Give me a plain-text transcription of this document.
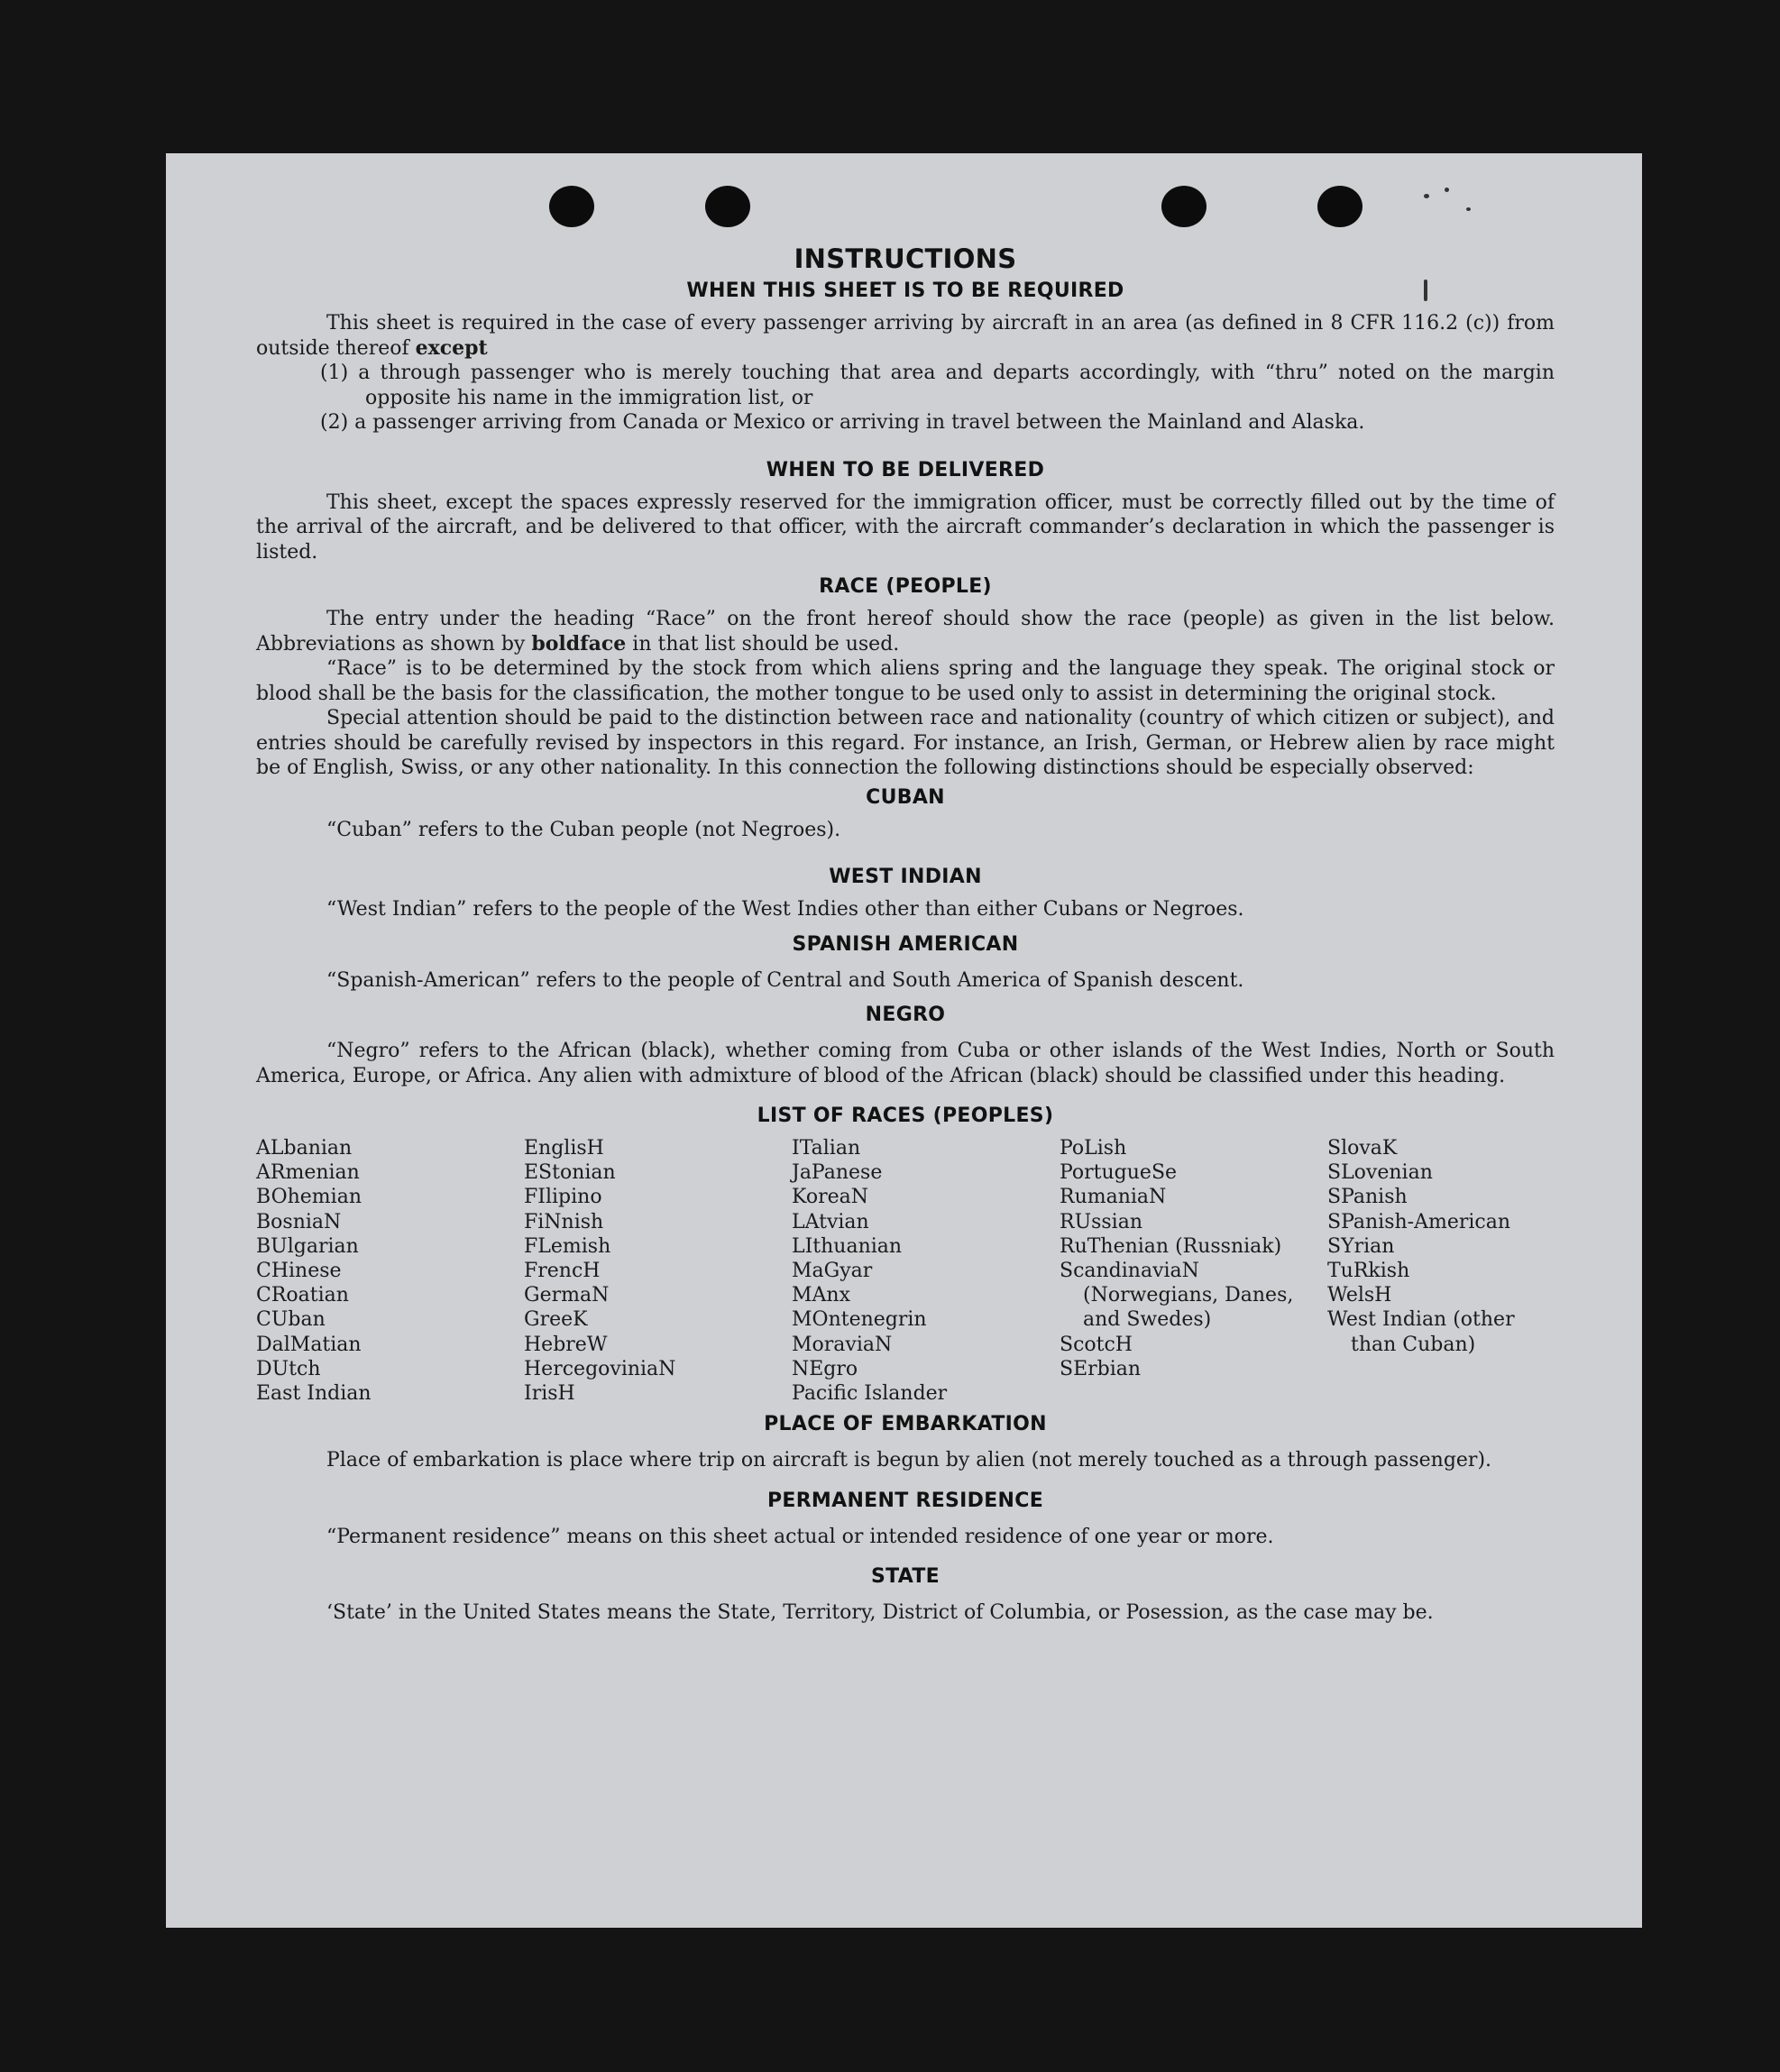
INSTRUCTIONS
WHEN THIS SHEET IS TO BE REQUIRED

This sheet is required in the case of every passenger arriving by aircraft in an area (as defined in 8 CFR 116.2 (c)) from outside thereof except

(1) a through passenger who is merely touching that area and departs accordingly, with “thru” noted on the margin opposite his name in the immigration list, or
(2) a passenger arriving from Canada or Mexico or arriving in travel between the Mainland and Alaska.
WHEN TO BE DELIVERED

This sheet, except the spaces expressly reserved for the immigration officer, must be correctly filled out by the time of the arrival of the aircraft, and be delivered to that officer, with the aircraft commander’s declaration in which the passenger is listed.

RACE (PEOPLE)

The entry under the heading “Race” on the front hereof should show the race (people) as given in the list below. Abbreviations as shown by boldface in that list should be used.

“Race” is to be determined by the stock from which aliens spring and the language they speak. The original stock or blood shall be the basis for the classification, the mother tongue to be used only to assist in determining the original stock.

Special attention should be paid to the distinction between race and nationality (country of which citizen or subject), and entries should be carefully revised by inspectors in this regard. For instance, an Irish, German, or Hebrew alien by race might be of English, Swiss, or any other nationality. In this connection the following distinctions should be especially observed:

CUBAN

“Cuban” refers to the Cuban people (not Negroes).

WEST INDIAN

“West Indian” refers to the people of the West Indies other than either Cubans or Negroes.

SPANISH AMERICAN

“Spanish-American” refers to the people of Central and South America of Spanish descent.

NEGRO

“Negro” refers to the African (black), whether coming from Cuba or other islands of the West Indies, North or South America, Europe, or Africa. Any alien with admixture of blood of the African (black) should be classified under this heading.

LIST OF RACES (PEOPLES)
ALbanian
ARmenian
BOhemian
BosniaN
BUlgarian
CHinese
CRoatian
CUban
DalMatian
DUtch
East Indian
EnglisH
EStonian
FIlipino
FiNnish
FLemish
FrencH
GermaN
GreeK
HebreW
HercegoviniaN
IrisH
ITalian
JaPanese
KoreaN
LAtvian
LIthuanian
MaGyar
MAnx
MOntenegrin
MoraviaN
NEgro
Pacific Islander
PoLish
PortugueSe
RumaniaN
RUssian
RuThenian (Russniak)
ScandinaviaN (Norwegians, Danes, and Swedes)
ScotcH
SErbian
SlovaK
SLovenian
SPanish
SPanish-American
SYrian
TuRkish
WelsH
West Indian (other than Cuban)
PLACE OF EMBARKATION

Place of embarkation is place where trip on aircraft is begun by alien (not merely touched as a through passenger).

PERMANENT RESIDENCE

“Permanent residence” means on this sheet actual or intended residence of one year or more.

STATE

‘State’ in the United States means the State, Territory, District of Columbia, or Posession, as the case may be.
